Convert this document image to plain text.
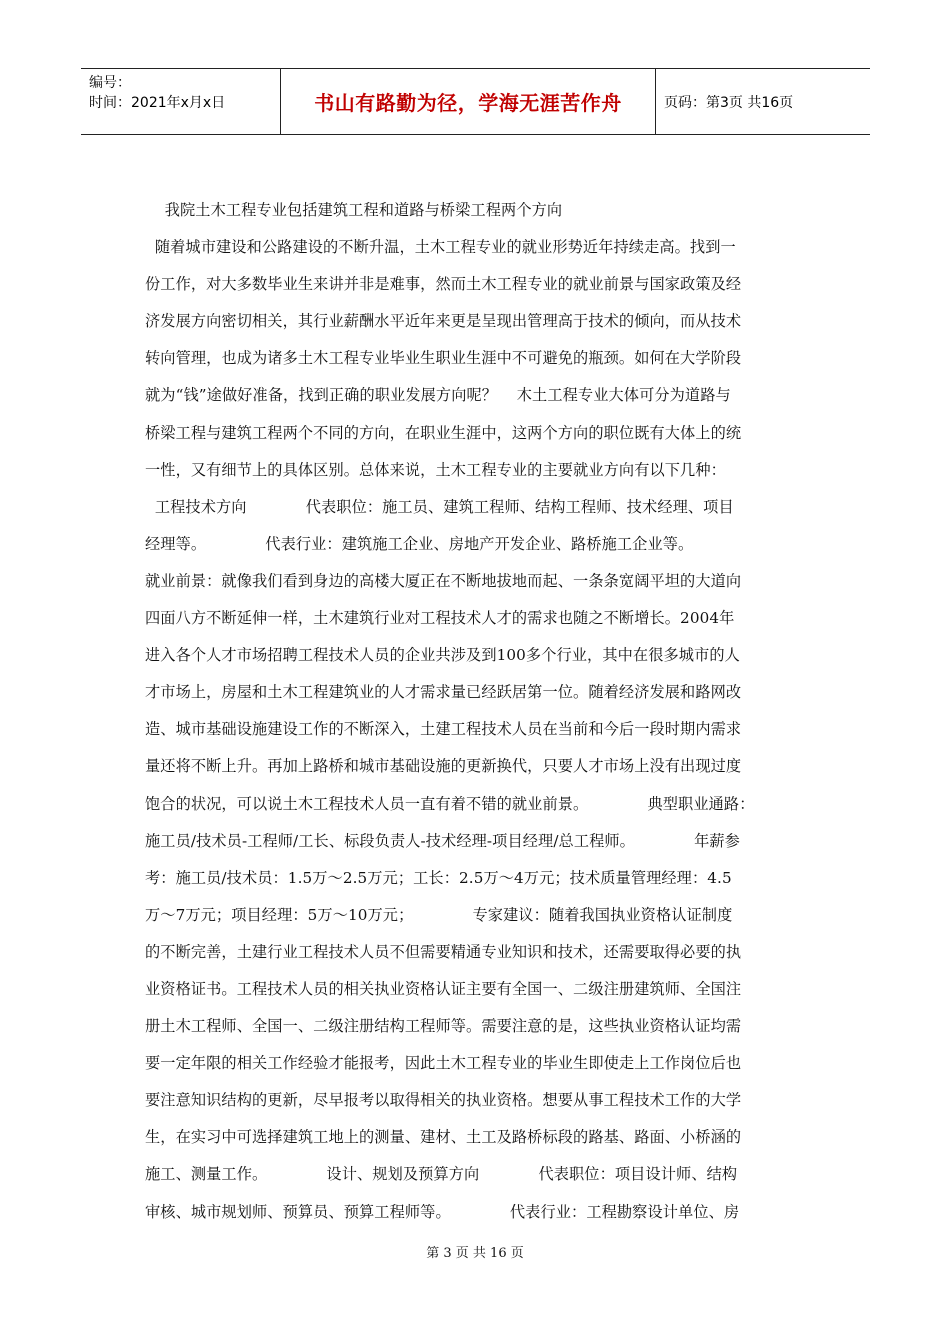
编号：
时间：2021年x月x日	书山有路勤为径，学海无涯苦作舟	页码：第3页 共16页
我院土木工程专业包括建筑工程和道路与桥梁工程两个方向
随着城市建设和公路建设的不断升温，土木工程专业的就业形势近年持续走高。找到一
份工作，对大多数毕业生来讲并非是难事，然而土木工程专业的就业前景与国家政策及经
济发展方向密切相关，其行业薪酬水平近年来更是呈现出管理高于技术的倾向，而从技术
转向管理，也成为诸多土木工程专业毕业生职业生涯中不可避免的瓶颈。如何在大学阶段
就为“钱”途做好准备，找到正确的职业发展方向呢？    木土工程专业大体可分为道路与
桥梁工程与建筑工程两个不同的方向，在职业生涯中，这两个方向的职位既有大体上的统
一性，又有细节上的具体区别。总体来说，土木工程专业的主要就业方向有以下几种：
工程技术方向            代表职位：施工员、建筑工程师、结构工程师、技术经理、项目
经理等。            代表行业：建筑施工企业、房地产开发企业、路桥施工企业等。
就业前景：就像我们看到身边的高楼大厦正在不断地拔地而起、一条条宽阔平坦的大道向
四面八方不断延伸一样，土木建筑行业对工程技术人才的需求也随之不断增长。2004年
进入各个人才市场招聘工程技术人员的企业共涉及到100多个行业，其中在很多城市的人
才市场上，房屋和土木工程建筑业的人才需求量已经跃居第一位。随着经济发展和路网改
造、城市基础设施建设工作的不断深入，土建工程技术人员在当前和今后一段时期内需求
量还将不断上升。再加上路桥和城市基础设施的更新换代，只要人才市场上没有出现过度
饱合的状况，可以说土木工程技术人员一直有着不错的就业前景。            典型职业通路：
施工员/技术员-工程师/工长、标段负责人-技术经理-项目经理/总工程师。            年薪参
考：施工员/技术员：1.5万～2.5万元；工长：2.5万～4万元；技术质量管理经理：4.5
万～7万元；项目经理：5万～10万元；            专家建议：随着我国执业资格认证制度
的不断完善，土建行业工程技术人员不但需要精通专业知识和技术，还需要取得必要的执
业资格证书。工程技术人员的相关执业资格认证主要有全国一、二级注册建筑师、全国注
册土木工程师、全国一、二级注册结构工程师等。需要注意的是，这些执业资格认证均需
要一定年限的相关工作经验才能报考，因此土木工程专业的毕业生即使走上工作岗位后也
要注意知识结构的更新，尽早报考以取得相关的执业资格。想要从事工程技术工作的大学
生，在实习中可选择建筑工地上的测量、建材、土工及路桥标段的路基、路面、小桥涵的
施工、测量工作。            设计、规划及预算方向            代表职位：项目设计师、结构
审核、城市规划师、预算员、预算工程师等。            代表行业：工程勘察设计单位、房
第 3 页 共 16 页
